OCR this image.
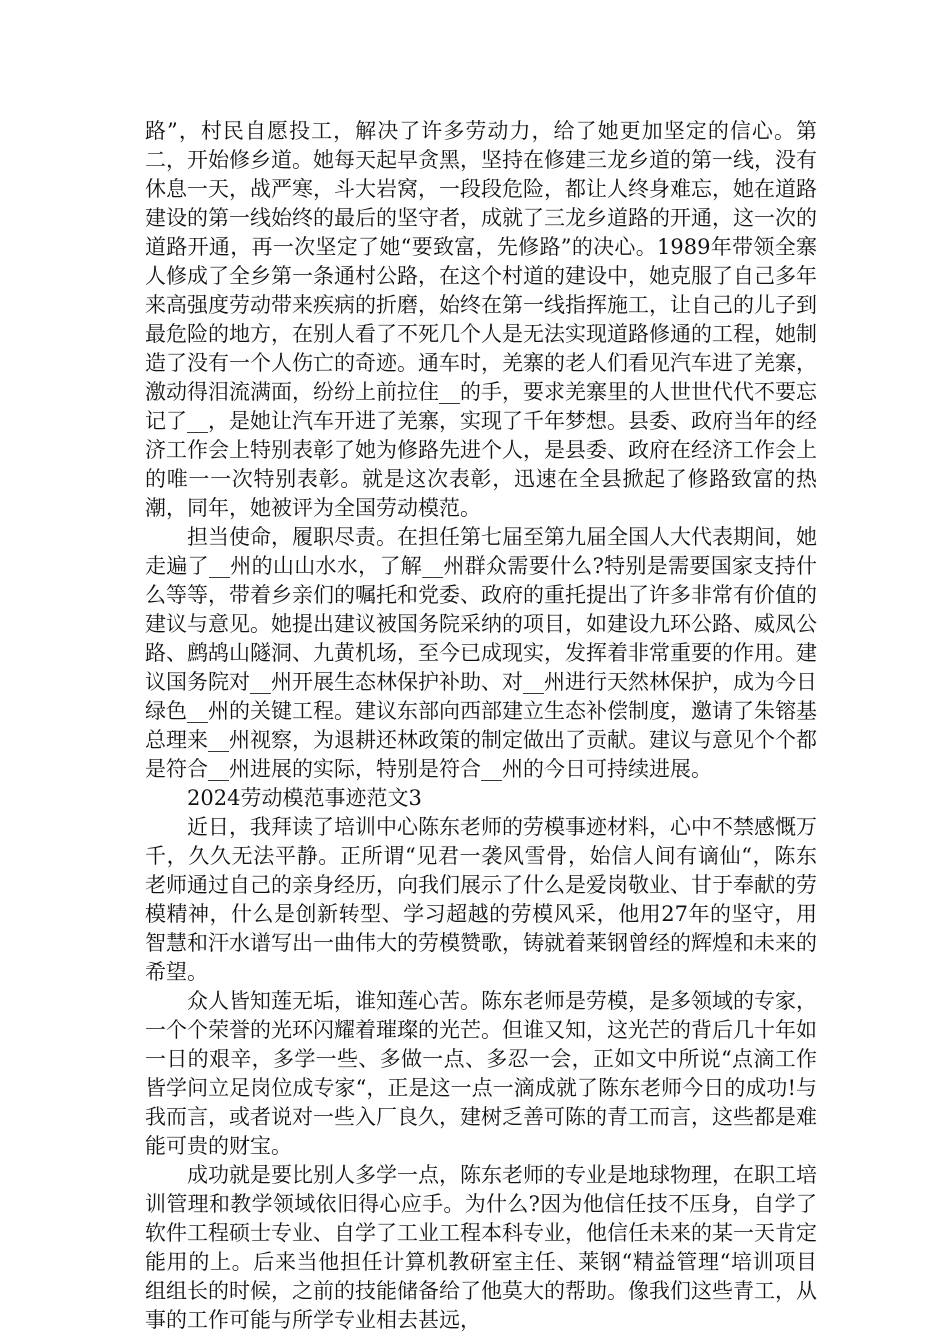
路”，村民自愿投工，解决了许多劳动力，给了她更加坚定的信心。第二，开始修乡道。她每天起早贪黑，坚持在修建三龙乡道的第一线，没有休息一天，战严寒，斗大岩窝，一段段危险，都让人终身难忘，她在道路建设的第一线始终的最后的坚守者，成就了三龙乡道路的开通，这一次的道路开通，再一次坚定了她“要致富，先修路”的决心。1989年带领全寨人修成了全乡第一条通村公路，在这个村道的建设中，她克服了自己多年来高强度劳动带来疾病的折磨，始终在第一线指挥施工，让自己的儿子到最危险的地方，在别人看了不死几个人是无法实现道路修通的工程，她制造了没有一个人伤亡的奇迹。通车时，羌寨的老人们看见汽车进了羌寨，激动得泪流满面，纷纷上前拉住__的手，要求羌寨里的人世世代代不要忘记了__，是她让汽车开进了羌寨，实现了千年梦想。县委、政府当年的经济工作会上特别表彰了她为修路先进个人，是县委、政府在经济工作会上的唯一一次特别表彰。就是这次表彰，迅速在全县掀起了修路致富的热潮，同年，她被评为全国劳动模范。

担当使命，履职尽责。在担任第七届至第九届全国人大代表期间，她走遍了__州的山山水水，了解__州群众需要什么?特别是需要国家支持什么等等，带着乡亲们的嘱托和党委、政府的重托提出了许多非常有价值的建议与意见。她提出建议被国务院采纳的项目，如建设九环公路、威凤公路、鹧鸪山隧洞、九黄机场，至今已成现实，发挥着非常重要的作用。建议国务院对__州开展生态林保护补助、对__州进行天然林保护，成为今日绿色__州的关键工程。建议东部向西部建立生态补偿制度，邀请了朱镕基总理来__州视察，为退耕还林政策的制定做出了贡献。建议与意见个个都是符合__州进展的实际，特别是符合__州的今日可持续进展。

2024劳动模范事迹范文3

近日，我拜读了培训中心陈东老师的劳模事迹材料，心中不禁感慨万千，久久无法平静。正所谓“见君一袭风雪骨，始信人间有谪仙“，陈东老师通过自己的亲身经历，向我们展示了什么是爱岗敬业、甘于奉献的劳模精神，什么是创新转型、学习超越的劳模风采，他用27年的坚守，用智慧和汗水谱写出一曲伟大的劳模赞歌，铸就着莱钢曾经的辉煌和未来的希望。

众人皆知莲无垢，谁知莲心苦。陈东老师是劳模，是多领域的专家，一个个荣誉的光环闪耀着璀璨的光芒。但谁又知，这光芒的背后几十年如一日的艰辛，多学一些、多做一点、多忍一会，正如文中所说“点滴工作皆学问立足岗位成专家“，正是这一点一滴成就了陈东老师今日的成功!与我而言，或者说对一些入厂良久，建树乏善可陈的青工而言，这些都是难能可贵的财宝。

成功就是要比别人多学一点，陈东老师的专业是地球物理，在职工培训管理和教学领域依旧得心应手。为什么?因为他信任技不压身，自学了软件工程硕士专业、自学了工业工程本科专业，他信任未来的某一天肯定能用的上。后来当他担任计算机教研室主任、莱钢“精益管理“培训项目组组长的时候，之前的技能储备给了他莫大的帮助。像我们这些青工，从事的工作可能与所学专业相去甚远，
